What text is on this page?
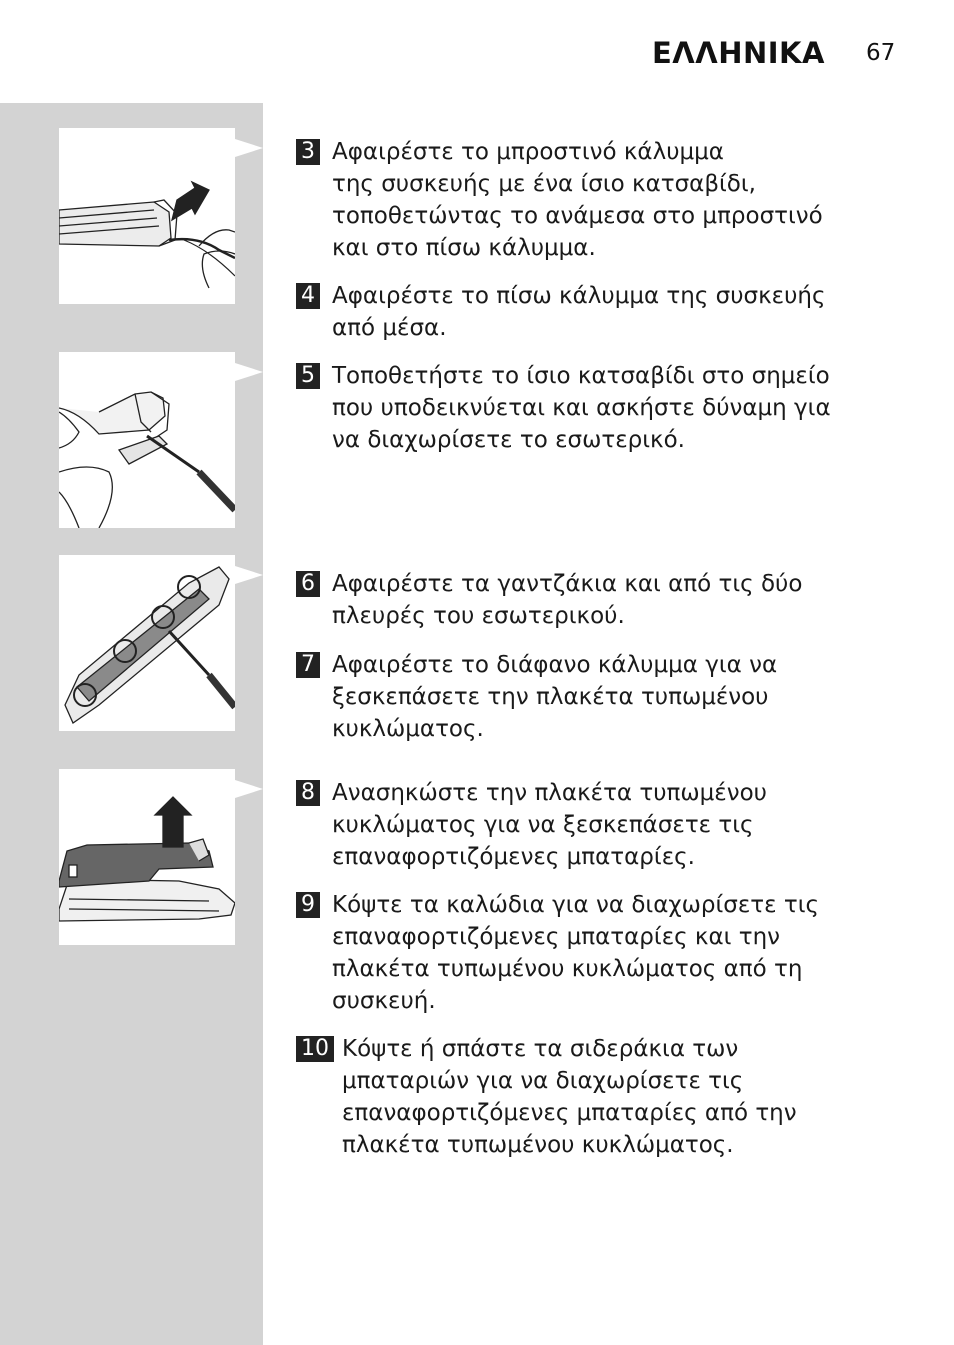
ΕΛΛΗΝΙΚΑ 67
3 Αφαιρέστε το μπροστινό κάλυμμα
της συσκευής με ένα ίσιο κατσαβίδι,
τοποθετώντας το ανάμεσα στο μπροστινό
και στο πίσω κάλυμμα.
4 Αφαιρέστε το πίσω κάλυμμα της συσκευής
από μέσα.
5 Τοποθετήστε το ίσιο κατσαβίδι στο σημείο
που υποδεικνύεται και ασκήστε δύναμη για
να διαχωρίσετε το εσωτερικό.
6 Αφαιρέστε τα γαντζάκια και από τις δύο
πλευρές του εσωτερικού.
7 Αφαιρέστε το διάφανο κάλυμμα για να
ξεσκεπάσετε την πλακέτα τυπωμένου
κυκλώματος.
8 Ανασηκώστε την πλακέτα τυπωμένου
κυκλώματος για να ξεσκεπάσετε τις
επαναφορτιζόμενες μπαταρίες.
9 Κόψτε τα καλώδια για να διαχωρίσετε τις
επαναφορτιζόμενες μπαταρίες και την
πλακέτα τυπωμένου κυκλώματος από τη
συσκευή.
10 Κόψτε ή σπάστε τα σιδεράκια των
μπαταριών για να διαχωρίσετε τις
επαναφορτιζόμενες μπαταρίες από την
πλακέτα τυπωμένου κυκλώματος.
